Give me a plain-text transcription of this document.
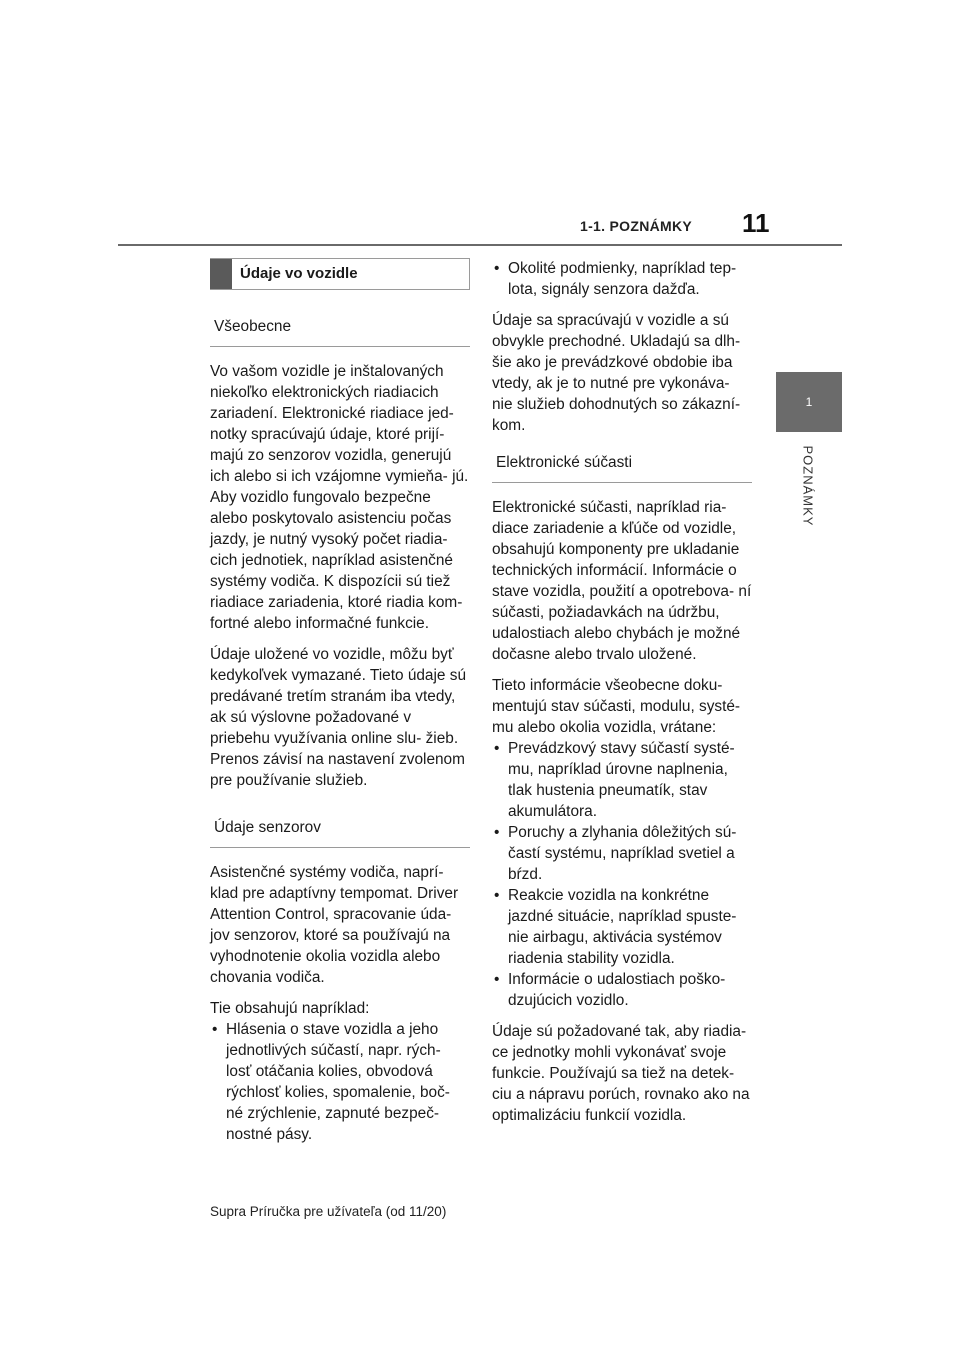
1-1. POZNÁMKY 11
1
POZNÁMKY
Údaje vo vozidle
Všeobecne

Vo vašom vozidle je inštalovaných niekoľko elektronických riadiacich zariadení. Elektronické riadiace jed- notky spracúvajú údaje, ktoré prijí- majú zo senzorov vozidla, generujú ich alebo si ich vzájomne vymieňa- jú. Aby vozidlo fungovalo bezpečne alebo poskytovalo asistenciu počas jazdy, je nutný vysoký počet riadia- cich jednotiek, napríklad asistenčné systémy vodiča. K dispozícii sú tiež riadiace zariadenia, ktoré riadia kom- fortné alebo informačné funkcie.

Údaje uložené vo vozidle, môžu byť kedykoľvek vymazané. Tieto údaje sú predávané tretím stranám iba vtedy, ak sú výslovne požadované v priebehu využívania online slu- žieb. Prenos závisí na nastavení zvolenom pre používanie služieb.

Údaje senzorov

Asistenčné systémy vodiča, naprí- klad pre adaptívny tempomat. Driver Attention Control, spracovanie úda- jov senzorov, ktoré sa používajú na vyhodnotenie okolia vozidla alebo chovania vodiča.

Tie obsahujú napríklad:

• Hlásenia o stave vozidla a jeho jednotlivých súčastí, napr. rých- losť otáčania kolies, obvodová rýchlosť kolies, spomalenie, boč- né zrýchlenie, zapnuté bezpeč- nostné pásy.
• Okolité podmienky, napríklad tep- lota, signály senzora dažďa.

Údaje sa spracúvajú v vozidle a sú obvykle prechodné. Ukladajú sa dlh- šie ako je prevádzkové obdobie iba vtedy, ak je to nutné pre vykonáva- nie služieb dohodnutých so zákazní- kom.

Elektronické súčasti

Elektronické súčasti, napríklad ria- diace zariadenie a kľúče od vozidle, obsahujú komponenty pre ukladanie technických informácií. Informácie o stave vozidla, použití a opotrebova- ní súčasti, požiadavkách na údržbu, udalostiach alebo chybách je možné dočasne alebo trvalo uložené.

Tieto informácie všeobecne doku- mentujú stav súčasti, modulu, systé- mu alebo okolia vozidla, vrátane:

• Prevádzkový stavy súčastí systé- mu, napríklad úrovne naplnenia, tlak hustenia pneumatík, stav akumulátora.
• Poruchy a zlyhania dôležitých sú- častí systému, napríklad svetiel a bŕzd.
• Reakcie vozidla na konkrétne jazdné situácie, napríklad spuste- nie airbagu, aktivácia systémov riadenia stability vozidla.
• Informácie o udalostiach poško- dzujúcich vozidlo.

Údaje sú požadované tak, aby riadia- ce jednotky mohli vykonávať svoje funkcie. Používajú sa tiež na detek- ciu a nápravu porúch, rovnako ako na optimalizáciu funkcií vozidla.

Supra Príručka pre užívateľa (od 11/20)
